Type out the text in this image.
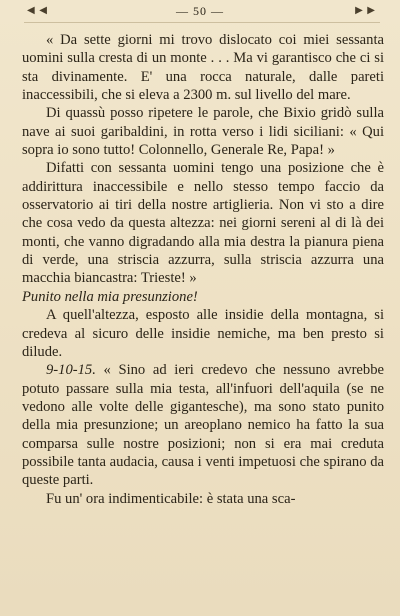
◀ ◀	— 50 —	▶ ▶

« Da sette giorni mi trovo dislocato coi miei sessanta uomini sulla cresta di un monte . . . Ma vi garantisco che ci si sta divinamente. E' una rocca naturale, dalle pareti inaccessibili, che si eleva a 2300 m. sul livello del mare.

Di quassù posso ripetere le parole, che Bixio gridò sulla nave ai suoi garibaldini, in rotta verso i lidi siciliani: « Qui sopra io sono tutto! Colonnello, Generale Re, Papa! »

Difatti con sessanta uomini tengo una posizione che è addirittura inaccessibile e nello stesso tempo faccio da osservatorio ai tiri della nostre artiglieria. Non vi sto a dire che cosa vedo da questa altezza: nei giorni sereni al di là dei monti, che vanno digradando alla mia destra la pianura piena di verde, una striscia azzurra, sulla striscia azzurra una macchia biancastra: Trieste! »

Punito nella mia presunzione!

A quell'altezza, esposto alle insidie della montagna, si credeva al sicuro delle insidie nemiche, ma ben presto si dilude.

9-10-15. « Sino ad ieri credevo che nessuno avrebbe potuto passare sulla mia testa, all'infuori dell'aquila (se ne vedono alle volte delle gigantesche), ma sono stato punito della mia presunzione; un areoplano nemico ha fatto la sua comparsa sulle nostre posizioni; non si era mai creduta possibile tanta audacia, causa i venti impetuosi che spirano da queste parti.

Fu un' ora indimenticabile: è stata una sca-
